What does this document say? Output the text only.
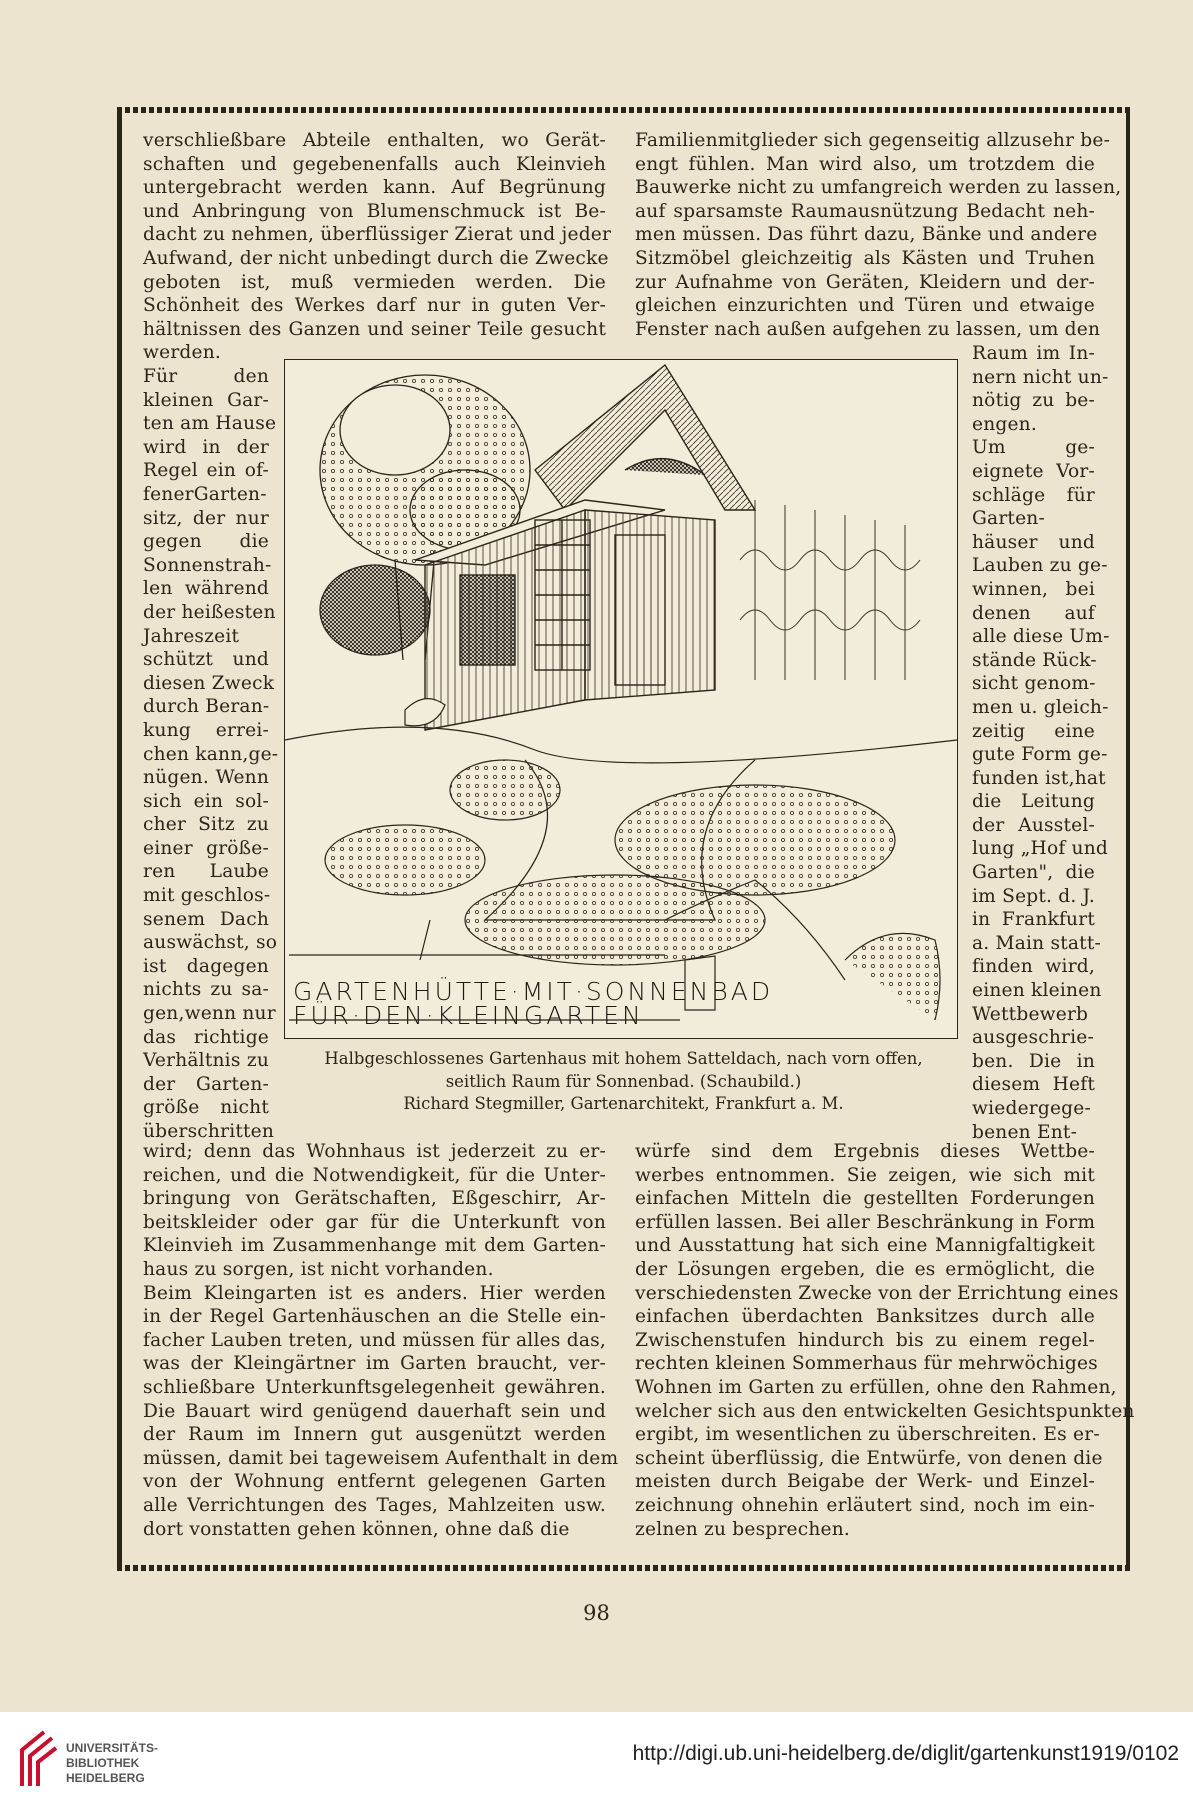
verschließbare Abteile enthalten, wo Gerät-
schaften und gegebenenfalls auch Kleinvieh
untergebracht werden kann. Auf Begrünung
und Anbringung von Blumenschmuck ist Be-
dacht zu nehmen, überflüssiger Zierat und jeder
Aufwand, der nicht unbedingt durch die Zwecke
geboten ist, muß vermieden werden. Die
Schönheit des Werkes darf nur in guten Ver-
hältnissen des Ganzen und seiner Teile gesucht
werden.
Familienmitglieder sich gegenseitig allzusehr be-
engt fühlen. Man wird also, um trotzdem die
Bauwerke nicht zu umfangreich werden zu lassen,
auf sparsamste Raumausnützung Bedacht neh-
men müssen. Das führt dazu, Bänke und andere
Sitzmöbel gleichzeitig als Kästen und Truhen
zur Aufnahme von Geräten, Kleidern und der-
gleichen einzurichten und Türen und etwaige
Fenster nach außen aufgehen zu lassen, um den
Für den
kleinen Gar-
ten am Hause
wird in der
Regel ein of-
fenerGarten-
sitz, der nur
gegen die
Sonnenstrah-
len während
der heißesten
Jahreszeit
schützt und
diesen Zweck
durch Beran-
kung errei-
chen kann,ge-
nügen. Wenn
sich ein sol-
cher Sitz zu
einer größe-
ren Laube
mit geschlos-
senem Dach
auswächst, so
ist dagegen
nichts zu sa-
gen,wenn nur
das richtige
Verhältnis zu
der Garten-
größe nicht
überschritten
Raum im In-
nern nicht un-
nötig zu be-
engen.
Um ge-
eignete Vor-
schläge für
Garten-
häuser und
Lauben zu ge-
winnen, bei
denen auf
alle diese Um-
stände Rück-
sicht genom-
men u. gleich-
zeitig eine
gute Form ge-
funden ist,hat
die Leitung
der Ausstel-
lung „Hof und
Garten", die
im Sept. d. J.
in Frankfurt
a. Main statt-
finden wird,
einen kleinen
Wettbewerb
ausgeschrie-
ben. Die in
diesem Heft
wiedergege-
benen Ent-
wird; denn das Wohnhaus ist jederzeit zu er-
reichen, und die Notwendigkeit, für die Unter-
bringung von Gerätschaften, Eßgeschirr, Ar-
beitskleider oder gar für die Unterkunft von
Kleinvieh im Zusammenhange mit dem Garten-
haus zu sorgen, ist nicht vorhanden.
Beim Kleingarten ist es anders. Hier werden
in der Regel Gartenhäuschen an die Stelle ein-
facher Lauben treten, und müssen für alles das,
was der Kleingärtner im Garten braucht, ver-
schließbare Unterkunftsgelegenheit gewähren.
Die Bauart wird genügend dauerhaft sein und
der Raum im Innern gut ausgenützt werden
müssen, damit bei tageweisem Aufenthalt in dem
von der Wohnung entfernt gelegenen Garten
alle Verrichtungen des Tages, Mahlzeiten usw.
dort vonstatten gehen können, ohne daß die
würfe sind dem Ergebnis dieses Wettbe-
werbes entnommen. Sie zeigen, wie sich mit
einfachen Mitteln die gestellten Forderungen
erfüllen lassen. Bei aller Beschränkung in Form
und Ausstattung hat sich eine Mannigfaltigkeit
der Lösungen ergeben, die es ermöglicht, die
verschiedensten Zwecke von der Errichtung eines
einfachen überdachten Banksitzes durch alle
Zwischenstufen hindurch bis zu einem regel-
rechten kleinen Sommerhaus für mehrwöchiges
Wohnen im Garten zu erfüllen, ohne den Rahmen,
welcher sich aus den entwickelten Gesichtspunkten
ergibt, im wesentlichen zu überschreiten. Es er-
scheint überflüssig, die Entwürfe, von denen die
meisten durch Beigabe der Werk- und Einzel-
zeichnung ohnehin erläutert sind, noch im ein-
zelnen zu besprechen.
GARTENHÜTTE·MIT·SONNENBAD
FÜR·DEN·KLEINGARTEN
Halbgeschlossenes Gartenhaus mit hohem Satteldach, nach vorn offen,
seitlich Raum für Sonnenbad. (Schaubild.)
Richard Stegmiller, Gartenarchitekt, Frankfurt a. M.
98
UNIVERSITÄTS-
BIBLIOTHEK
HEIDELBERG
http://digi.ub.uni-heidelberg.de/diglit/gartenkunst1919/0102
